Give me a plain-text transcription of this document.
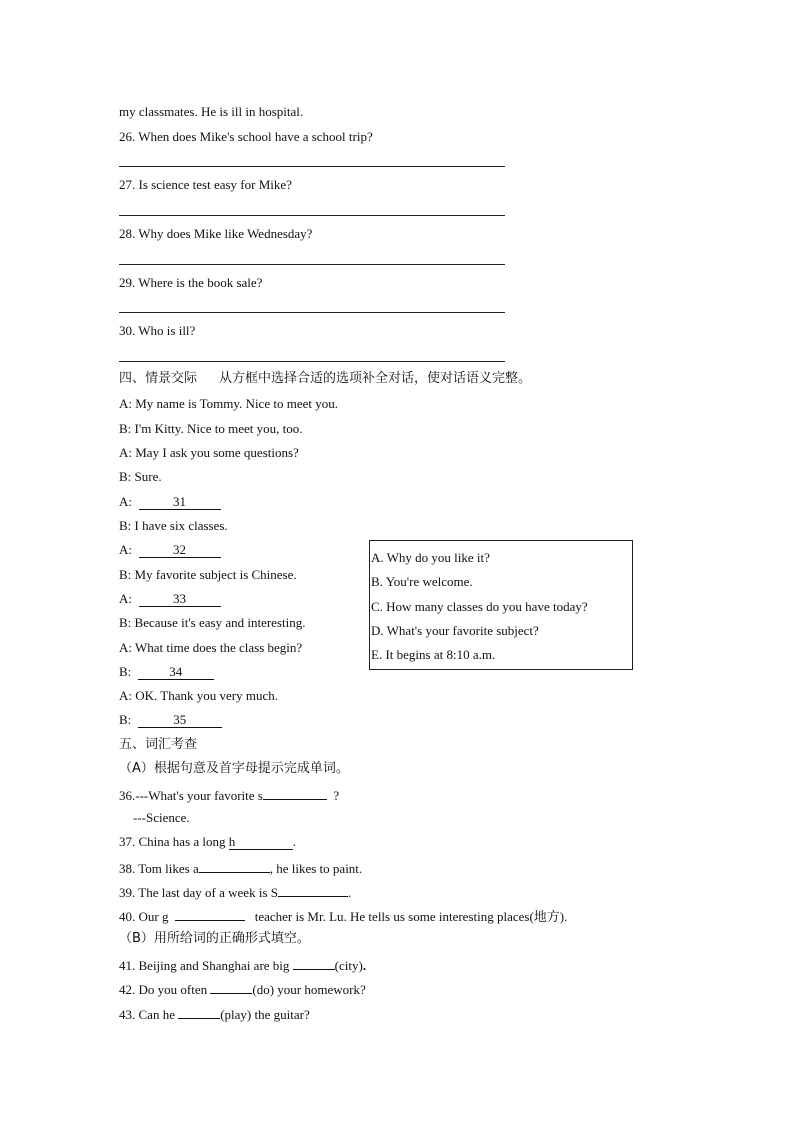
my classmates. He is ill in hospital.
26. When does Mike's school have a school trip?
27. Is science test easy for Mike?
28. Why does Mike like Wednesday?
29. Where is the book sale?
30. Who is ill?
四、情景交际 从方框中选择合适的选项补全对话，使对话语义完整。
A: My name is Tommy. Nice to meet you.
B: I'm Kitty. Nice to meet you, too.
A: May I ask you some questions?
B: Sure.
A:	31
B: I have six classes.
A:	32
B: My favorite subject is Chinese.
A:	33
B: Because it's easy and interesting.
A: What time does the class begin?
B:	34
A: OK. Thank you very much.
B:	35
A. Why do you like it?
B. You're welcome.
C. How many classes do you have today?
D. What's your favorite subject?
E. It begins at 8:10 a.m.
五、词汇考查
（A）根据句意及首字母提示完成单词。
36.---What's your favorite s	?
---Science.
37. China has a long h	.
38. Tom likes a	, he likes to paint.
39. The last day of a week is S	.
40. Our g	teacher is Mr. Lu. He tells us some interesting places(地方).
（B）用所给词的正确形式填空。
41. Beijing and Shanghai are big	(city).
42. Do you often	(do) your homework?
43. Can he	(play) the guitar?
